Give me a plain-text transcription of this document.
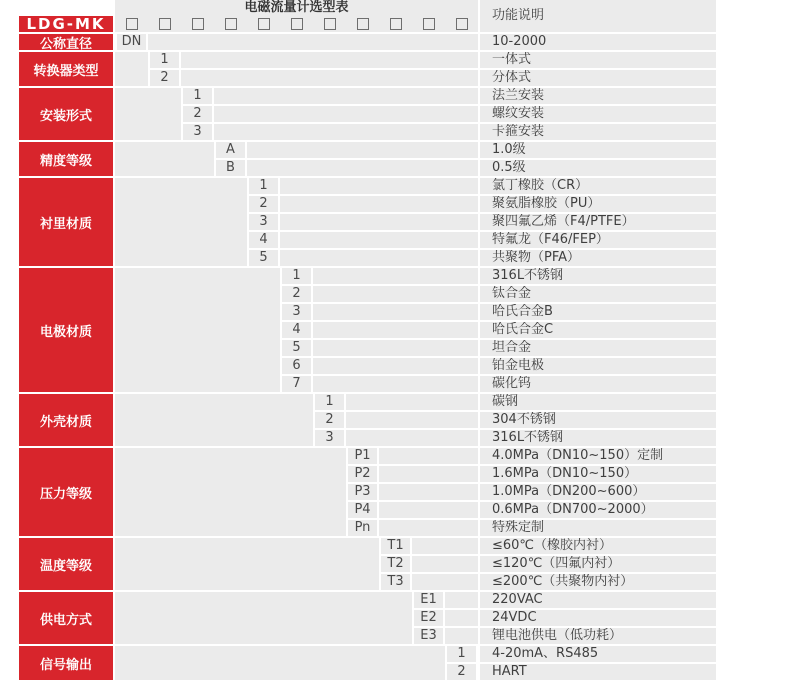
电磁流量计选型表
功能说明
LDG-MK
公称直径	DN	10-2000
转换器类型
1	一体式
2	分体式
安装形式
1	法兰安装
2	螺纹安装
3	卡箍安装
精度等级
A	1.0级
B	0.5级
衬里材质
1	氯丁橡胶（CR）
2	聚氨脂橡胶（PU）
3	聚四氟乙烯（F4/PTFE）
4	特氟龙（F46/FEP）
5	共聚物（PFA）
电极材质
1	316L不锈钢
2	钛合金
3	哈氏合金B
4	哈氏合金C
5	坦合金
6	铂金电极
7	碳化钨
外壳材质
1	碳钢
2	304不锈钢
3	316L不锈钢
压力等级
P1	4.0MPa（DN10~150）定制
P2	1.6MPa（DN10~150）
P3	1.0MPa（DN200~600）
P4	0.6MPa（DN700~2000）
Pn	特殊定制
温度等级
T1	≤60℃（橡胶内衬）
T2	≤120℃（四氟内衬）
T3	≤200℃（共聚物内衬）
供电方式
E1	220VAC
E2	24VDC
E3	锂电池供电（低功耗）
信号输出
1	4-20mA、RS485
2	HART
